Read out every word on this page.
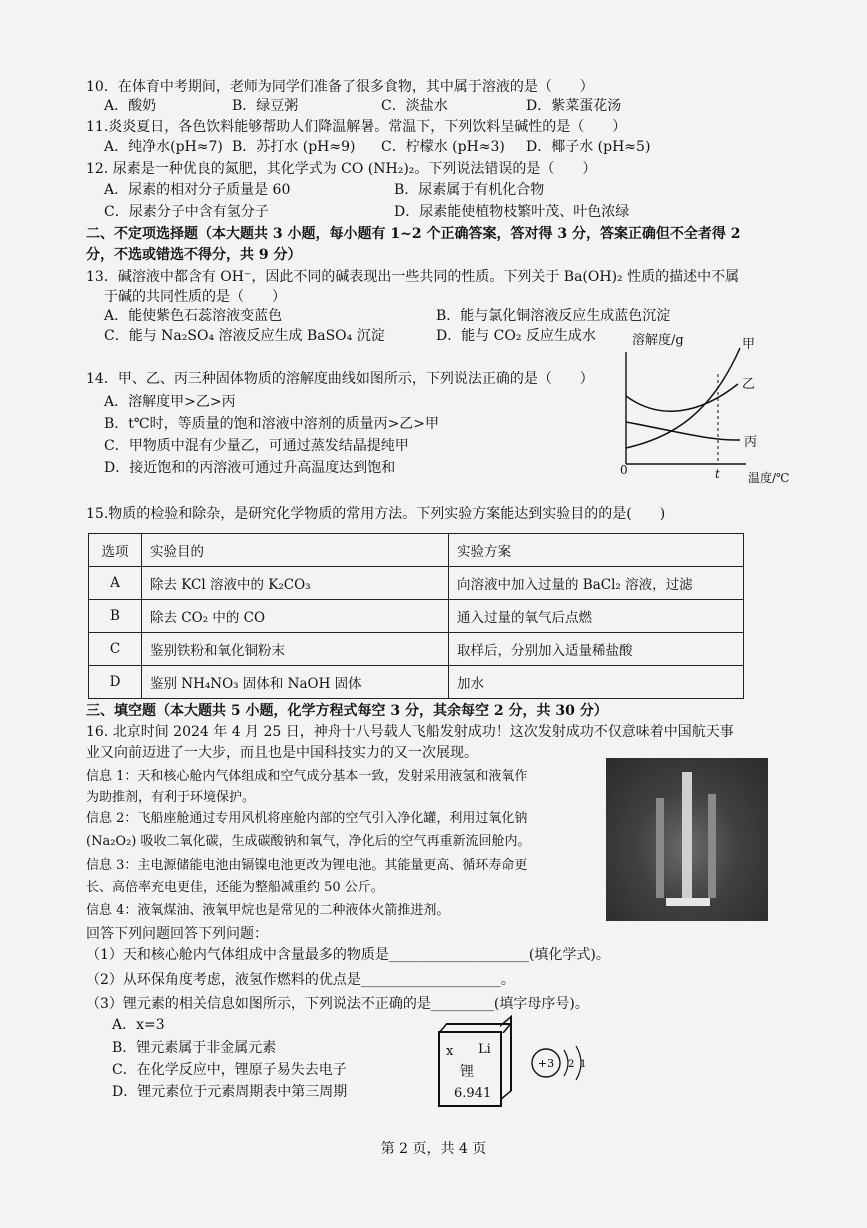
10．在体育中考期间，老师为同学们准备了很多食物，其中属于溶液的是（　　）
A．酸奶	B．绿豆粥	C．淡盐水	D．紫菜蛋花汤
11.炎炎夏日，各色饮料能够帮助人们降温解暑。常温下，下列饮料呈碱性的是（　　）
A．纯净水(pH≈7) B．苏打水 (pH≈9) C．柠檬水 (pH≈3) D．椰子水 (pH≈5)
12. 尿素是一种优良的氮肥，其化学式为 CO (NH₂)₂。下列说法错误的是（　　）
A．尿素的相对分子质量是 60	B．尿素属于有机化合物
C．尿素分子中含有氢分子	D．尿素能使植物枝繁叶茂、叶色浓绿
二、不定项选择题（本大题共 3 小题，每小题有 1~2 个正确答案，答对得 3 分，答案正确但不全者得 2
分，不选或错选不得分，共 9 分）
13．碱溶液中都含有 OH⁻，因此不同的碱表现出一些共同的性质。下列关于 Ba(OH)₂ 性质的描述中不属
于碱的共同性质的是（　　）
A．能使紫色石蕊溶液变蓝色	B．能与氯化铜溶液反应生成蓝色沉淀
C．能与 Na₂SO₄ 溶液反应生成 BaSO₄ 沉淀	D．能与 CO₂ 反应生成水
14．甲、乙、丙三种固体物质的溶解度曲线如图所示，下列说法正确的是（　　）
A．溶解度甲>乙>丙
B．t℃时，等质量的饱和溶液中溶剂的质量丙>乙>甲
C．甲物质中混有少量乙，可通过蒸发结晶提纯甲
D．接近饱和的丙溶液可通过升高温度达到饱和
溶解度/g
温度/℃
0	t
甲
乙
丙
15.物质的检验和除杂，是研究化学物质的常用方法。下列实验方案能达到实验目的的是(　　)
选项	实验目的	实验方案
A	除去 KCl 溶液中的 K₂CO₃	向溶液中加入过量的 BaCl₂ 溶液，过滤
B	除去 CO₂ 中的 CO	通入过量的氧气后点燃
C	鉴别铁粉和氧化铜粉末	取样后，分别加入适量稀盐酸
D	鉴别 NH₄NO₃ 固体和 NaOH 固体	加水
三、填空题（本大题共 5 小题，化学方程式每空 3 分，其余每空 2 分，共 30 分）
16. 北京时间 2024 年 4 月 25 日，神舟十八号载人飞船发射成功！这次发射成功不仅意味着中国航天事
业又向前迈进了一大步，而且也是中国科技实力的又一次展现。
信息 1：天和核心舱内气体组成和空气成分基本一致，发射采用液氢和液氧作
为助推剂，有利于环境保护。
信息 2：飞船座舱通过专用风机将座舱内部的空气引入净化罐，利用过氧化钠
(Na₂O₂) 吸收二氧化碳，生成碳酸钠和氧气，净化后的空气再重新流回舱内。
信息 3：主电源储能电池由镉镍电池更改为锂电池。其能量更高、循环寿命更
长、高倍率充电更佳，还能为整船减重约 50 公斤。
信息 4：液氧煤油、液氧甲烷也是常见的二种液体火箭推进剂。
回答下列问题回答下列问题：
（1）天和核心舱内气体组成中含量最多的物质是____________________(填化学式)。
（2）从环保角度考虑，液氢作燃料的优点是____________________。
（3）锂元素的相关信息如图所示，下列说法不正确的是_________(填字母序号)。
A．x=3
B．锂元素属于非金属元素
C．在化学反应中，锂原子易失去电子
D．锂元素位于元素周期表中第三周期
x Li
锂
6.941
+3 2 1
第 2 页，共 4 页
